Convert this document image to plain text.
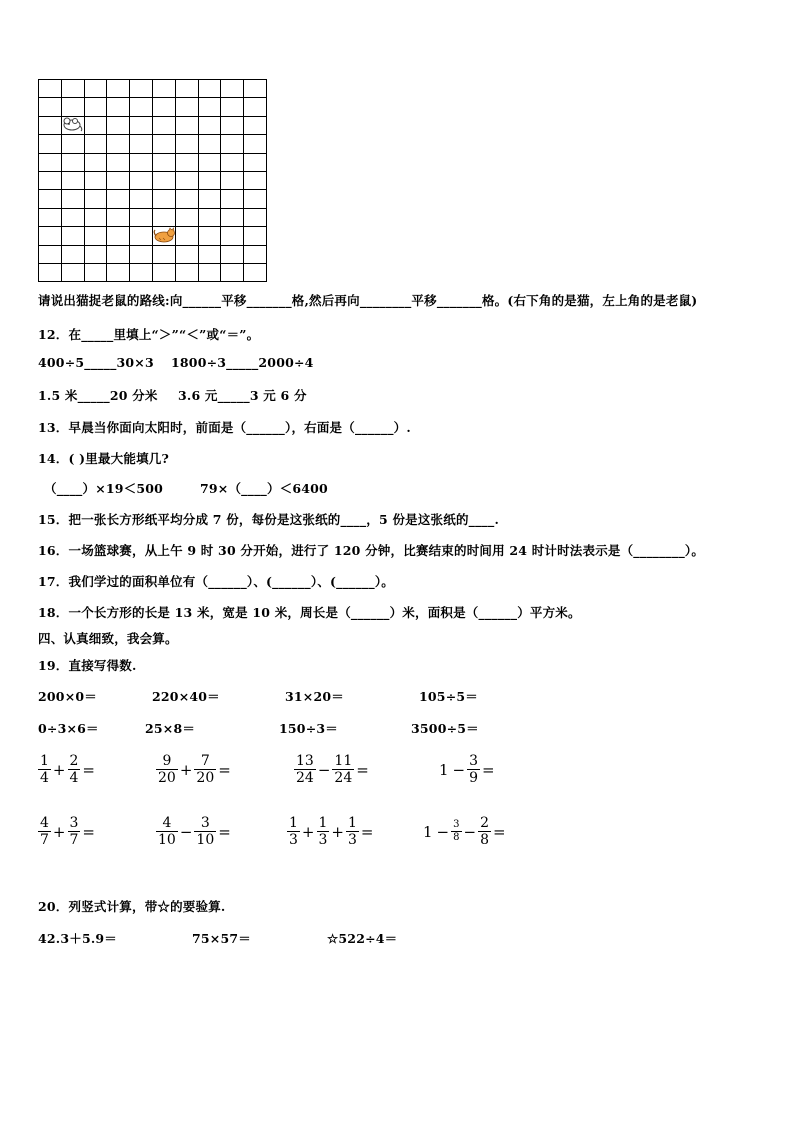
请说出猫捉老鼠的路线:向______平移_______格,然后再向________平移_______格。(右下角的是猫，左上角的是老鼠)
12．在_____里填上“＞”“＜”或“＝”。
400÷5_____30×3 1800÷3_____2000÷4
1.5 米_____20 分米 3.6 元_____3 元 6 分
13．早晨当你面向太阳时，前面是（______），右面是（______）.
14．( )里最大能填几?
（____）×19＜500	79×（____）＜6400
15．把一张长方形纸平均分成 7 份，每份是这张纸的____，5 份是这张纸的____.
16．一场篮球赛，从上午 9 时 30 分开始，进行了 120 分钟，比赛结束的时间用 24 时计时法表示是（________）。
17．我们学过的面积单位有（______）、(______）、(______）。
18．一个长方形的长是 13 米，宽是 10 米，周长是（______）米，面积是（______）平方米。
四、认真细致，我会算。
19．直接写得数.
200×0＝	220×40＝	31×20＝	105÷5＝
0÷3×6＝	25×8＝	150÷3＝	3500÷5＝
$\frac{1}{4} + \frac{2}{4}$ =	$\frac{9}{20} + \frac{7}{20}$ =	$\frac{13}{24} - \frac{11}{24}$ =	$1 - \frac{3}{9}$ =
$\frac{4}{7} + \frac{3}{7}$ =	$\frac{4}{10} - \frac{3}{10}$ =	$\frac{1}{3} + \frac{1}{3} + \frac{1}{3}$ =	$1 - \frac{3}{8} - \frac{2}{8}$ =
20．列竖式计算，带☆的要验算.
42.3＋5.9＝	75×57＝	☆522÷4＝
